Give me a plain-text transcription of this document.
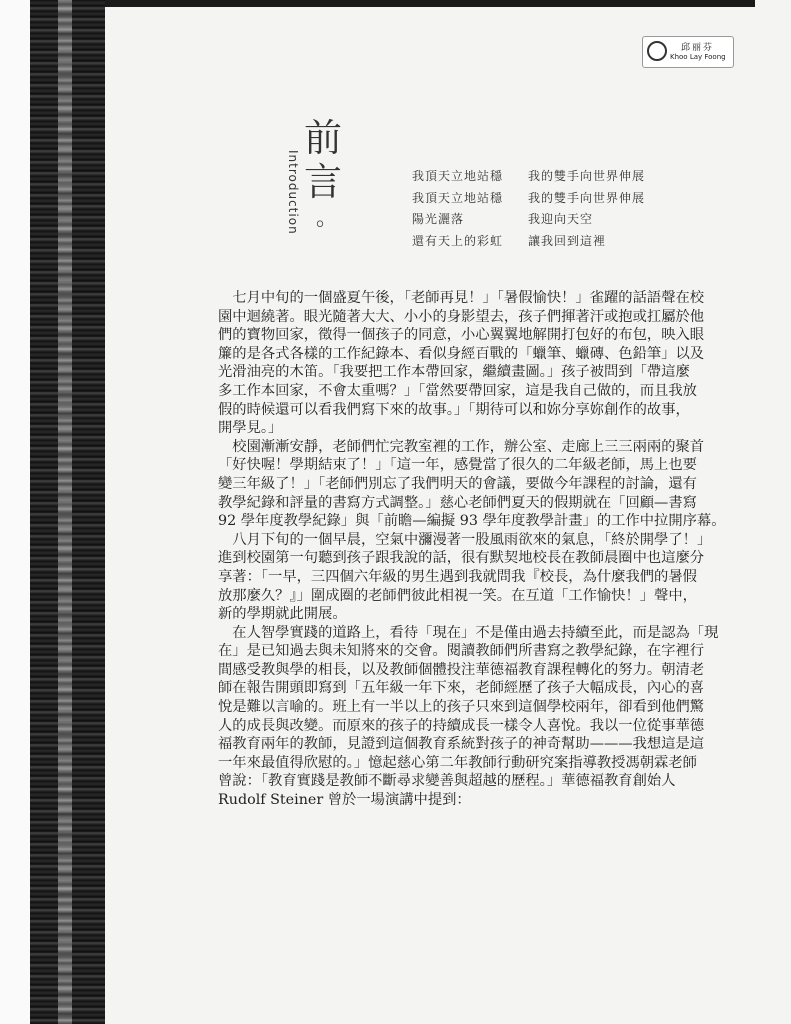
邱丽芬
Khoo Lay Foong
前言
。
Introduction	我頂天立地站穩
我頂天立地站穩
陽光灑落
還有天上的彩虹
我的雙手向世界伸展
我的雙手向世界伸展
我迎向天空
讓我回到這裡
　七月中旬的一個盛夏午後，「老師再見！」「暑假愉快！」雀躍的話語聲在校
園中迴繞著。眼光隨著大大、小小的身影望去，孩子們揮著汗或抱或扛屬於他
們的寶物回家，徵得一個孩子的同意，小心翼翼地解開打包好的布包，映入眼
簾的是各式各樣的工作紀錄本、看似身經百戰的「蠟筆、蠟磚、色鉛筆」以及
光滑油亮的木笛。「我要把工作本帶回家，繼續畫圖。」孩子被問到「帶這麼
多工作本回家，不會太重嗎？」「當然要帶回家，這是我自己做的，而且我放
假的時候還可以看我們寫下來的故事。」「期待可以和妳分享妳創作的故事，
開學見。」
　校園漸漸安靜，老師們忙完教室裡的工作，辦公室、走廊上三三兩兩的聚首
「好快喔！學期結束了！」「這一年，感覺當了很久的二年級老師，馬上也要
變三年級了！」「老師們別忘了我們明天的會議，要做今年課程的討論，還有
教學紀錄和評量的書寫方式調整。」慈心老師們夏天的假期就在「回顧—書寫
92 學年度教學紀錄」與「前瞻—編擬 93 學年度教學計畫」的工作中拉開序幕。
　八月下旬的一個早晨，空氣中瀰漫著一股風雨欲來的氣息，「終於開學了！」
進到校園第一句聽到孩子跟我說的話，很有默契地校長在教師晨圈中也這麼分
享著：「一早，三四個六年級的男生遇到我就問我『校長，為什麼我們的暑假
放那麼久？』」圍成圈的老師們彼此相視一笑。在互道「工作愉快！」聲中，
新的學期就此開展。
　在人智學實踐的道路上，看待「現在」不是僅由過去持續至此，而是認為「現
在」是已知過去與未知將來的交會。閱讀教師們所書寫之教學紀錄，在字裡行
間感受教與學的相長，以及教師個體投注華德福教育課程轉化的努力。朝清老
師在報告開頭即寫到「五年級一年下來，老師經歷了孩子大幅成長，內心的喜
悅是難以言喻的。班上有一半以上的孩子只來到這個學校兩年，卻看到他們驚
人的成長與改變。而原來的孩子的持續成長一樣令人喜悅。我以一位從事華德
福教育兩年的教師，見證到這個教育系統對孩子的神奇幫助———我想這是這
一年來最值得欣慰的。」憶起慈心第二年教師行動研究案指導教授馮朝霖老師
曾說：「教育實踐是教師不斷尋求變善與超越的歷程。」華德福教育創始人
Rudolf Steiner 曾於一場演講中提到：
